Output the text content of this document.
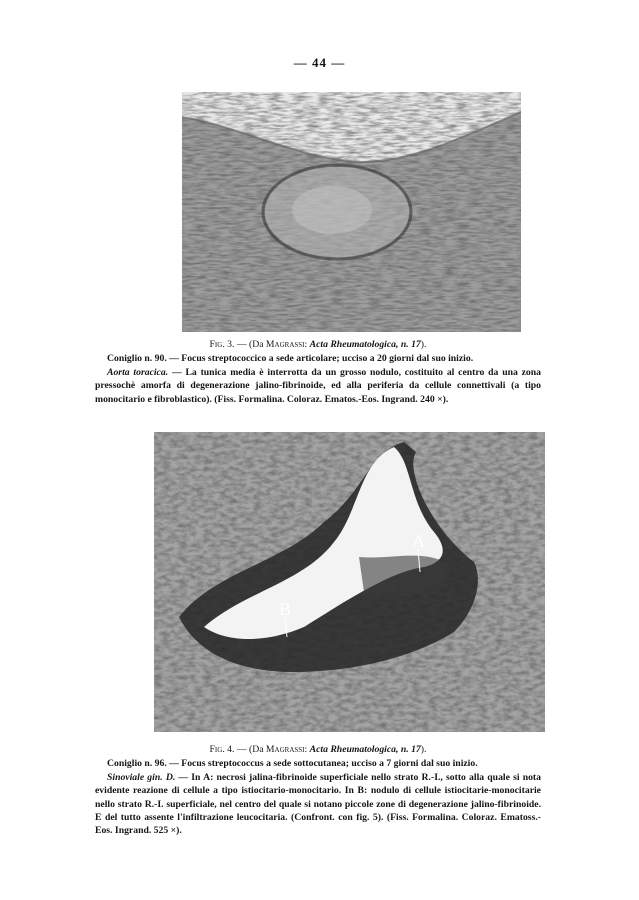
— 44 —
Fig. 3. — (Da Magrassi: Acta Rheumatologica, n. 17).

Coniglio n. 90. — Focus streptococcico a sede articolare; ucciso a 20 giorni dal suo inizio.

Aorta toracica. — La tunica media è interrotta da un grosso nodulo, costituito al centro da una zona pressochè amorfa di degenerazione jalino-fibrinoide, ed alla periferia da cellule connettivali (a tipo monocitario e fibroblastico). (Fiss. Formalina. Coloraz. Ematos.-Eos. Ingrand. 240 ×).

A
B
Fig. 4. — (Da Magrassi: Acta Rheumatologica, n. 17).

Coniglio n. 96. — Focus streptococcus a sede sottocutanea; ucciso a 7 giorni dal suo inizio.

Sinoviale gin. D. — In A: necrosi jalina-fibrinoide superficiale nello strato R.-I., sotto alla quale si nota evidente reazione di cellule a tipo istiocitario-monocitario. In B: nodulo di cellule istiocitarie-monocitarie nello strato R.-I. superficiale, nel centro del quale si notano piccole zone di degenerazione jalino-fibrinoide. E del tutto assente l'infiltrazione leucocitaria. (Confront. con fig. 5). (Fiss. Formalina. Coloraz. Ematoss.-Eos. Ingrand. 525 ×).
